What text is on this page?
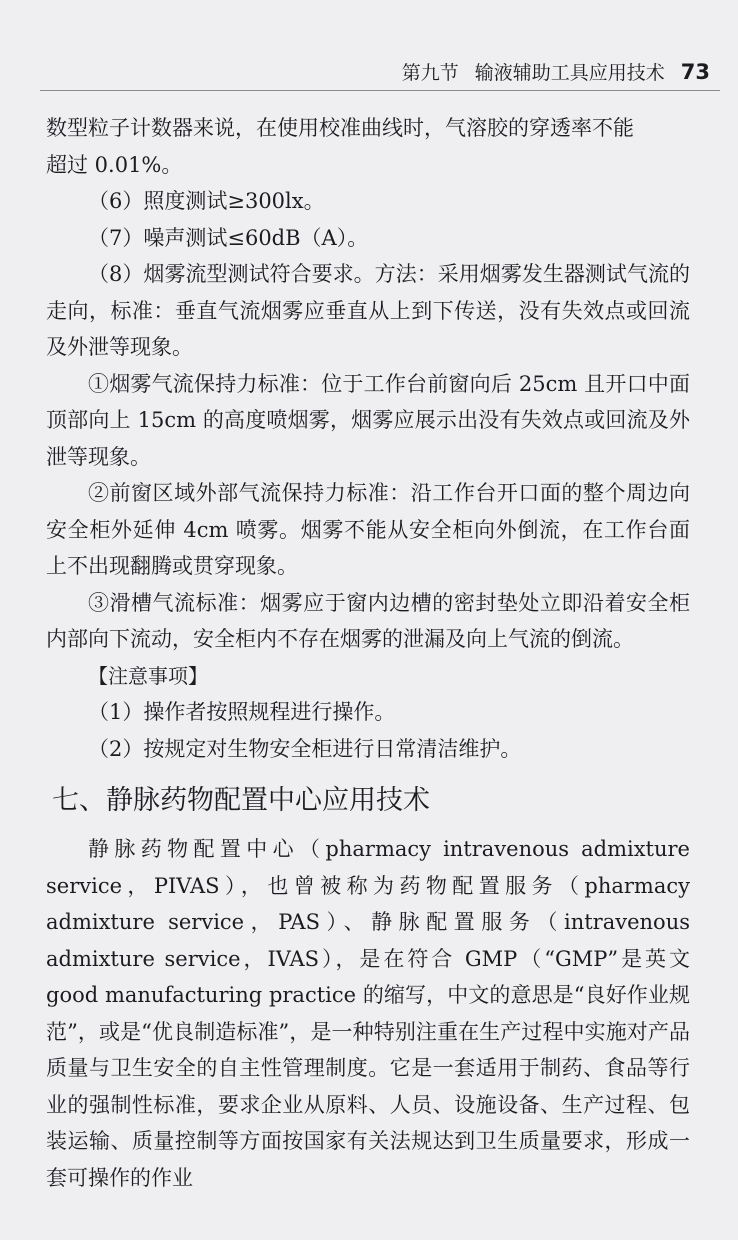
第九节 输液辅助工具应用技术 73

数型粒子计数器来说，在使用校准曲线时，气溶胶的穿透率不能

超过 0.01%。

（6）照度测试≥300lx。

（7）噪声测试≤60dB（A）。

（8）烟雾流型测试符合要求。方法：采用烟雾发生器测试气流的走向，标准：垂直气流烟雾应垂直从上到下传送，没有失效点或回流及外泄等现象。

①烟雾气流保持力标准：位于工作台前窗向后 25cm 且开口中面顶部向上 15cm 的高度喷烟雾，烟雾应展示出没有失效点或回流及外泄等现象。

②前窗区域外部气流保持力标准：沿工作台开口面的整个周边向安全柜外延伸 4cm 喷雾。烟雾不能从安全柜向外倒流，在工作台面上不出现翻腾或贯穿现象。

③滑槽气流标准：烟雾应于窗内边槽的密封垫处立即沿着安全柜内部向下流动，安全柜内不存在烟雾的泄漏及向上气流的倒流。

【注意事项】

（1）操作者按照规程进行操作。

（2）按规定对生物安全柜进行日常清洁维护。

七、静脉药物配置中心应用技术

静脉药物配置中心（pharmacy intravenous admixture service，PIVAS），也曾被称为药物配置服务（pharmacy admixture service，PAS）、静脉配置服务（intravenous admixture service，IVAS），是在符合 GMP（“GMP”是英文 good manufacturing practice 的缩写，中文的意思是“良好作业规范”，或是“优良制造标准”，是一种特别注重在生产过程中实施对产品质量与卫生安全的自主性管理制度。它是一套适用于制药、食品等行业的强制性标准，要求企业从原料、人员、设施设备、生产过程、包装运输、质量控制等方面按国家有关法规达到卫生质量要求，形成一套可操作的作业
